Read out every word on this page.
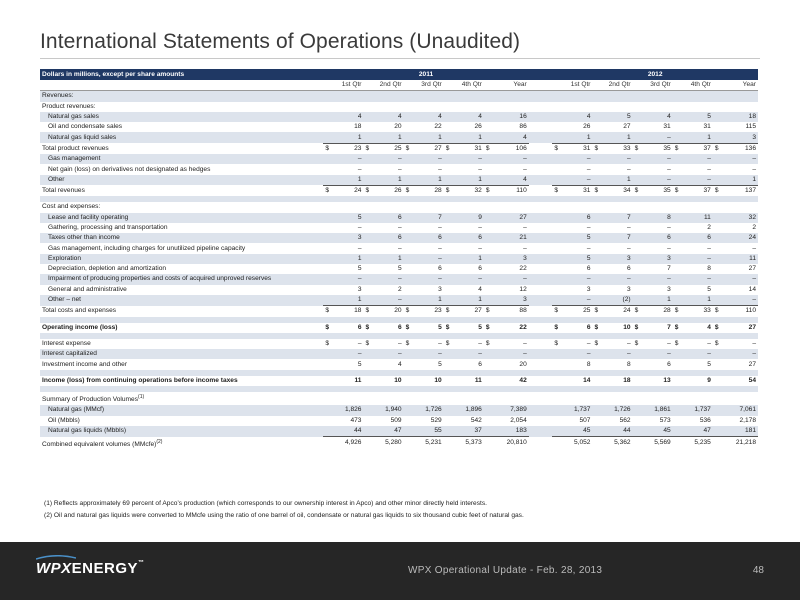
International Statements of Operations (Unaudited)
Dollars in millions, except per share amounts	2011											2012									
		1st Qtr		2nd Qtr		3rd Qtr		4th Qtr		Year			1st Qtr		2nd Qtr		3rd Qtr		4th Qtr		Year
Revenues:																					
Product revenues:																					
Natural gas sales		4		4		4		4		16			4		5		4		5		18
Oil and condensate sales		18		20		22		26		86			26		27		31		31		115
Natural gas liquid sales		1		1		1		1		4			1		1		–		1		3
Total product revenues	$	23	$	25	$	27	$	31	$	106		$	31	$	33	$	35	$	37	$	136
Gas management		–		–		–		–		–			–		–		–		–		–
Net gain (loss) on derivatives not designated as hedges		–		–		–		–		–			–		–		–		–		–
Other		1		1		1		1		4			–		1		–		–		1
Total revenues	$	24	$	26	$	28	$	32	$	110		$	31	$	34	$	35	$	37	$	137

Cost and expenses:																					
Lease and facility operating		5		6		7		9		27			6		7		8		11		32
Gathering, processing and transportation		–		–		–		–		–			–		–		–		2		2
Taxes other than income		3		6		6		6		21			5		7		6		6		24
Gas management, including charges for unutilized pipeline capacity		–		–		–		–		–			–		–		–		–		–
Exploration		1		1		–		1		3			5		3		3		–		11
Depreciation, depletion and amortization		5		5		6		6		22			6		6		7		8		27
Impairment of producing properties and costs of acquired unproved reserves		–		–		–		–		–			–		–		–		–		–
General and administrative		3		2		3		4		12			3		3		3		5		14
Other – net		1		–		1		1		3			–		(2)		1		1		–
Total costs and expenses	$	18	$	20	$	23	$	27	$	88		$	25	$	24	$	28	$	33	$	110

Operating income (loss)	$	6	$	6	$	5	$	5	$	22		$	6	$	10	$	7	$	4	$	27

Interest expense	$	–	$	–	$	–	$	–	$	–		$	–	$	–	$	–	$	–	$	–
Interest capitalized		–		–		–		–		–			–		–		–		–		–
Investment income and other		5		4		5		6		20			8		8		6		5		27

Income (loss) from continuing operations before income taxes		11		10		10		11		42			14		18		13		9		54

Summary of Production Volumes$^{(1)}$																					
Natural gas (MMcf)		1,826		1,940		1,726		1,896		7,389			1,737		1,726		1,861		1,737		7,061
Oil (Mbbls)		473		509		529		542		2,054			507		562		573		536		2,178
Natural gas liquids (Mbbls)		44		47		55		37		183			45		44		45		47		181
Combined equivalent volumes (MMcfe)$^{(2)}$		4,926		5,280		5,231		5,373		20,810			5,052		5,362		5,569		5,235		21,218
(1) Reflects approximately 69 percent of Apco’s production (which corresponds to our ownership interest in Apco) and other minor directly held interests.
(2) Oil and natural gas liquids were converted to MMcfe using the ratio of one barrel of oil, condensate or natural gas liquids to six thousand cubic feet of natural gas.
WPXENERGY™
WPX Operational Update - Feb. 28, 2013	48
